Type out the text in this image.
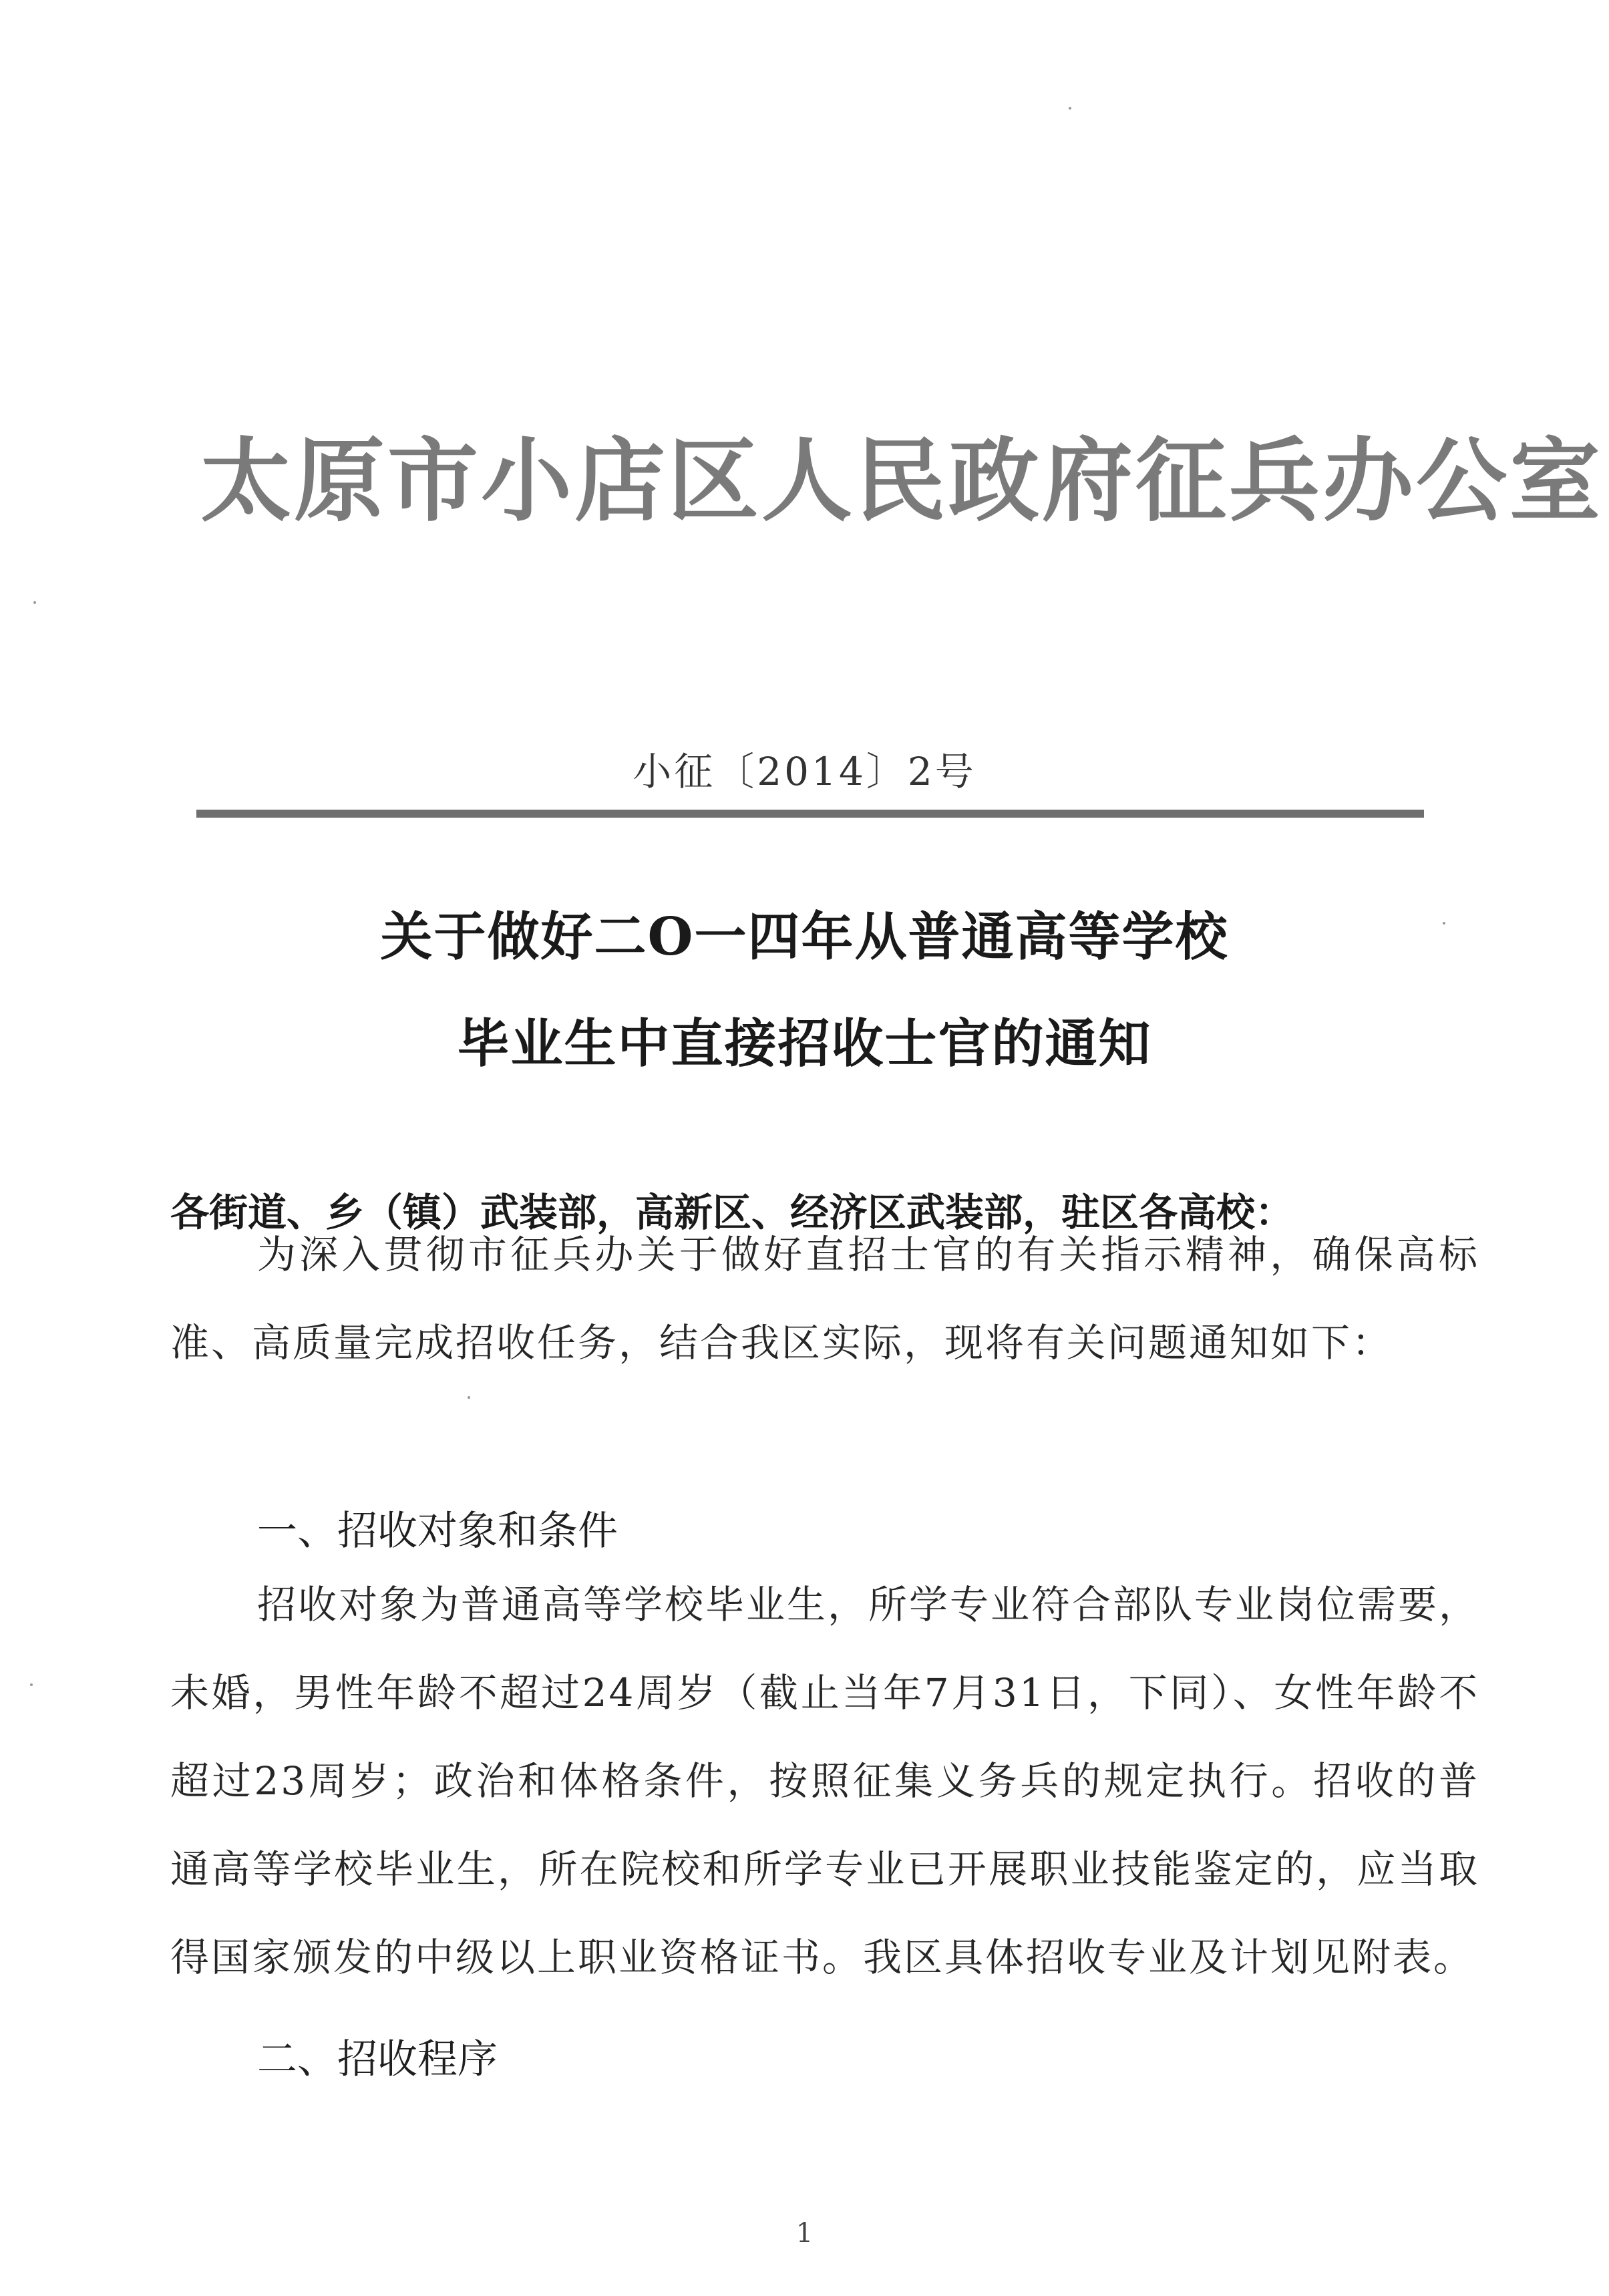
太原市小店区人民政府征兵办公室
小征〔2014〕2号
关于做好二O一四年从普通高等学校
毕业生中直接招收士官的通知
各街道、乡（镇）武装部，高新区、经济区武装部，驻区各高校：
为深入贯彻市征兵办关于做好直招士官的有关指示精神，确保高标准、高质量完成招收任务，结合我区实际，现将有关问题通知如下：
一、招收对象和条件
招收对象为普通高等学校毕业生，所学专业符合部队专业岗位需要，未婚，男性年龄不超过24周岁（截止当年7月31日，下同）、女性年龄不超过23周岁；政治和体格条件，按照征集义务兵的规定执行。招收的普通高等学校毕业生，所在院校和所学专业已开展职业技能鉴定的，应当取得国家颁发的中级以上职业资格证书。我区具体招收专业及计划见附表。
二、招收程序
1
